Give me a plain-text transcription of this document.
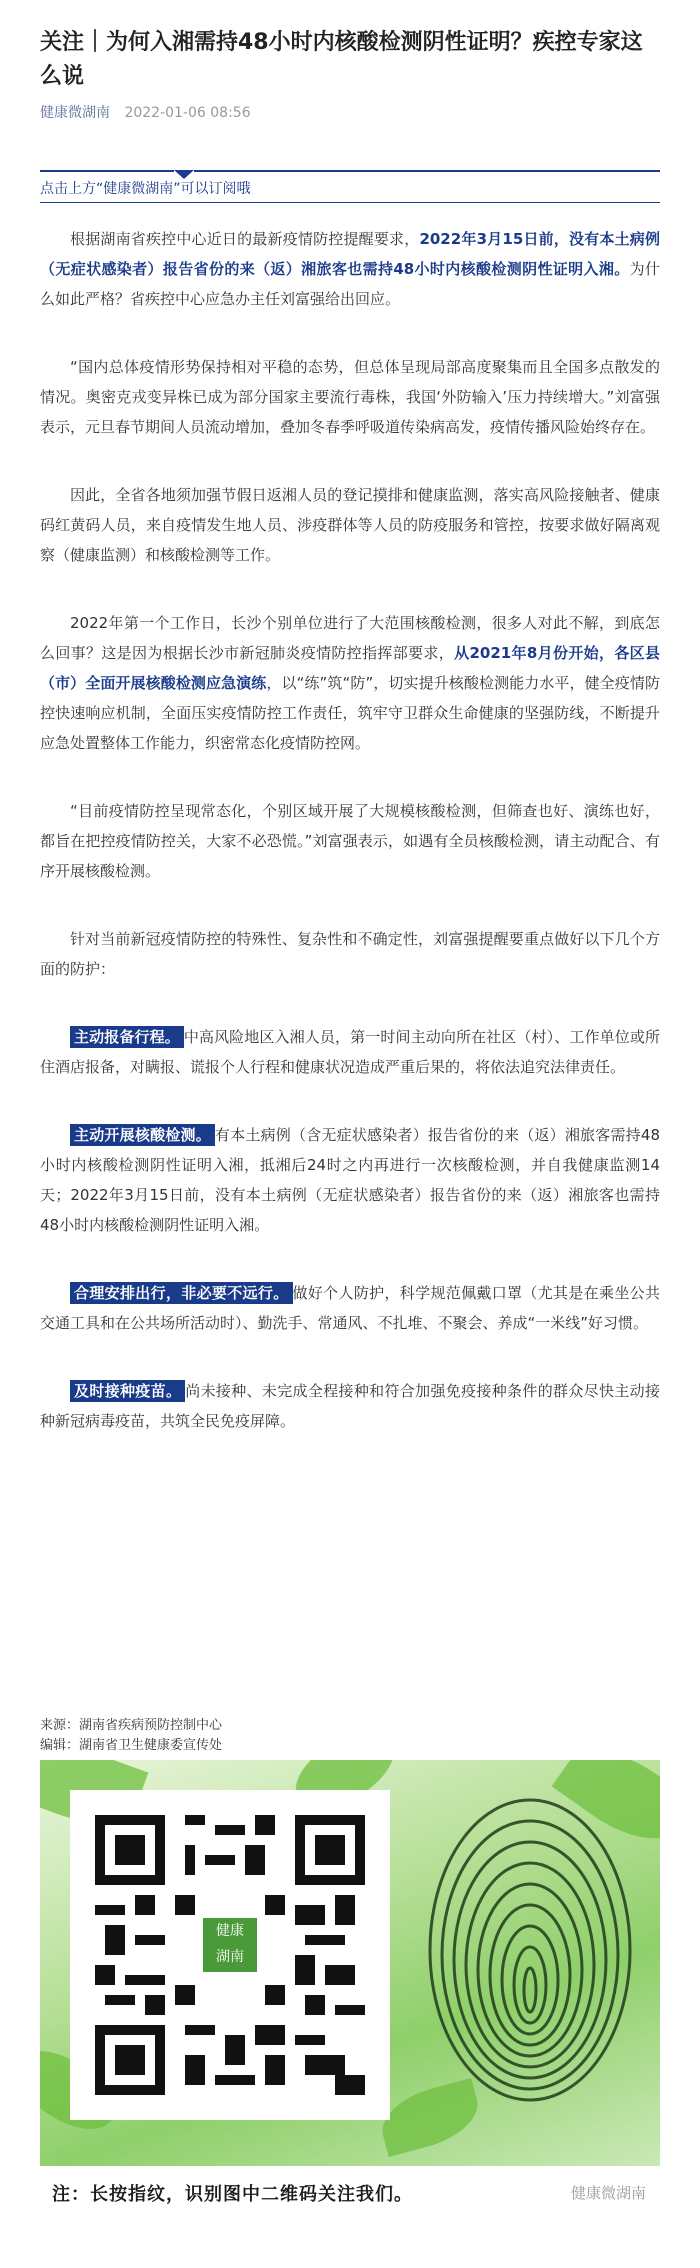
关注｜为何入湘需持48小时内核酸检测阴性证明？疾控专家这么说
健康微湖南 2022-01-06 08:56
点击上方“健康微湖南”可以订阅哦

根据湖南省疾控中心近日的最新疫情防控提醒要求，2022年3月15日前，没有本土病例（无症状感染者）报告省份的来（返）湘旅客也需持48小时内核酸检测阴性证明入湘。为什么如此严格？省疾控中心应急办主任刘富强给出回应。

“国内总体疫情形势保持相对平稳的态势，但总体呈现局部高度聚集而且全国多点散发的情况。奥密克戎变异株已成为部分国家主要流行毒株，我国‘外防输入’压力持续增大。”刘富强表示，元旦春节期间人员流动增加，叠加冬春季呼吸道传染病高发，疫情传播风险始终存在。

因此，全省各地须加强节假日返湘人员的登记摸排和健康监测，落实高风险接触者、健康码红黄码人员，来自疫情发生地人员、涉疫群体等人员的防疫服务和管控，按要求做好隔离观察（健康监测）和核酸检测等工作。

2022年第一个工作日，长沙个别单位进行了大范围核酸检测，很多人对此不解，到底怎么回事？这是因为根据长沙市新冠肺炎疫情防控指挥部要求，从2021年8月份开始，各区县（市）全面开展核酸检测应急演练，以“练”筑“防”，切实提升核酸检测能力水平，健全疫情防控快速响应机制，全面压实疫情防控工作责任，筑牢守卫群众生命健康的坚强防线，不断提升应急处置整体工作能力，织密常态化疫情防控网。

“目前疫情防控呈现常态化，个别区域开展了大规模核酸检测，但筛查也好、演练也好，都旨在把控疫情防控关，大家不必恐慌。”刘富强表示，如遇有全员核酸检测，请主动配合、有序开展核酸检测。

针对当前新冠疫情防控的特殊性、复杂性和不确定性，刘富强提醒要重点做好以下几个方面的防护：

主动报备行程。 中高风险地区入湘人员，第一时间主动向所在社区（村）、工作单位或所住酒店报备，对瞒报、谎报个人行程和健康状况造成严重后果的，将依法追究法律责任。

主动开展核酸检测。 有本土病例（含无症状感染者）报告省份的来（返）湘旅客需持48小时内核酸检测阴性证明入湘，抵湘后24时之内再进行一次核酸检测，并自我健康监测14天；2022年3月15日前，没有本土病例（无症状感染者）报告省份的来（返）湘旅客也需持48小时内核酸检测阴性证明入湘。

合理安排出行，非必要不远行。 做好个人防护，科学规范佩戴口罩（尤其是在乘坐公共交通工具和在公共场所活动时）、勤洗手、常通风、不扎堆、不聚会、养成“一米线”好习惯。

及时接种疫苗。 尚未接种、未完成全程接种和符合加强免疫接种条件的群众尽快主动接种新冠病毒疫苗，共筑全民免疫屏障。

来源：湖南省疾病预防控制中心
编辑：湖南省卫生健康委宣传处
健康
湖南
注：长按指纹，识别图中二维码关注我们。	健康微湖南
